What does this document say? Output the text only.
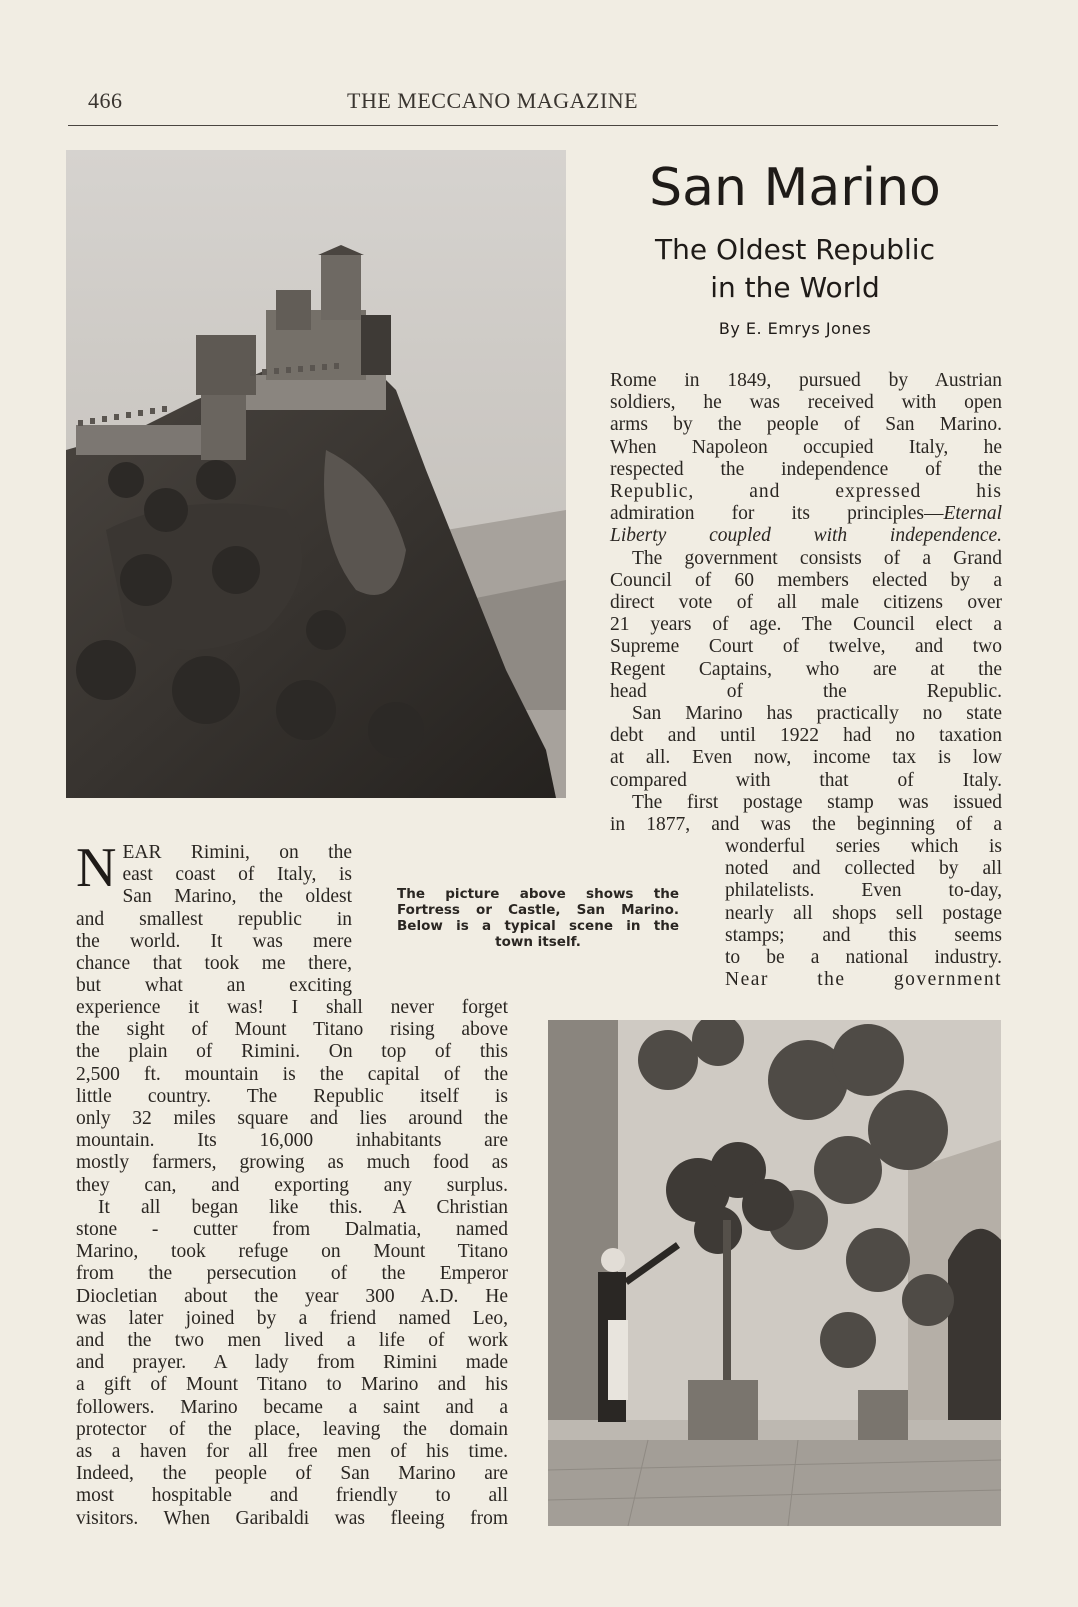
466	THE MECCANO MAGAZINE
San Marino
The Oldest Republic
in the World
By E. Emrys Jones
Rome in 1849, pursued by Austrian
soldiers, he was received with open
arms by the people of San Marino.
When Napoleon occupied Italy, he
respected the independence of the
Republic, and expressed his
admiration for its principles—Eternal
Liberty coupled with independence.
The government consists of a Grand
Council of 60 members elected by a
direct vote of all male citizens over
21 years of age. The Council elect a
Supreme Court of twelve, and two
Regent Captains, who are at the
head of the Republic.
San Marino has practically no state
debt and until 1922 had no taxation
at all. Even now, income tax is low
compared with that of Italy.
The first postage stamp was issued
in 1877, and was the beginning of a
wonderful series which is
noted and collected by all
philatelists. Even to-day,
nearly all shops sell postage
stamps; and this seems
to be a national industry.
Near the government
The picture above shows the
Fortress or Castle, San Marino.
Below is a typical scene in the
town itself.
N EAR Rimini, on the
east coast of Italy, is
San Marino, the oldest
and smallest republic in
the world. It was mere
chance that took me there,
but what an exciting
experience it was! I shall never forget
the sight of Mount Titano rising above
the plain of Rimini. On top of this
2,500 ft. mountain is the capital of the
little country. The Republic itself is
only 32 miles square and lies around the
mountain. Its 16,000 inhabitants are
mostly farmers, growing as much food as
they can, and exporting any surplus.
It all began like this. A Christian
stone - cutter from Dalmatia, named
Marino, took refuge on Mount Titano
from the persecution of the Emperor
Diocletian about the year 300 A.D. He
was later joined by a friend named Leo,
and the two men lived a life of work
and prayer. A lady from Rimini made
a gift of Mount Titano to Marino and his
followers. Marino became a saint and a
protector of the place, leaving the domain
as a haven for all free men of his time.
Indeed, the people of San Marino are
most hospitable and friendly to all
visitors. When Garibaldi was fleeing from
